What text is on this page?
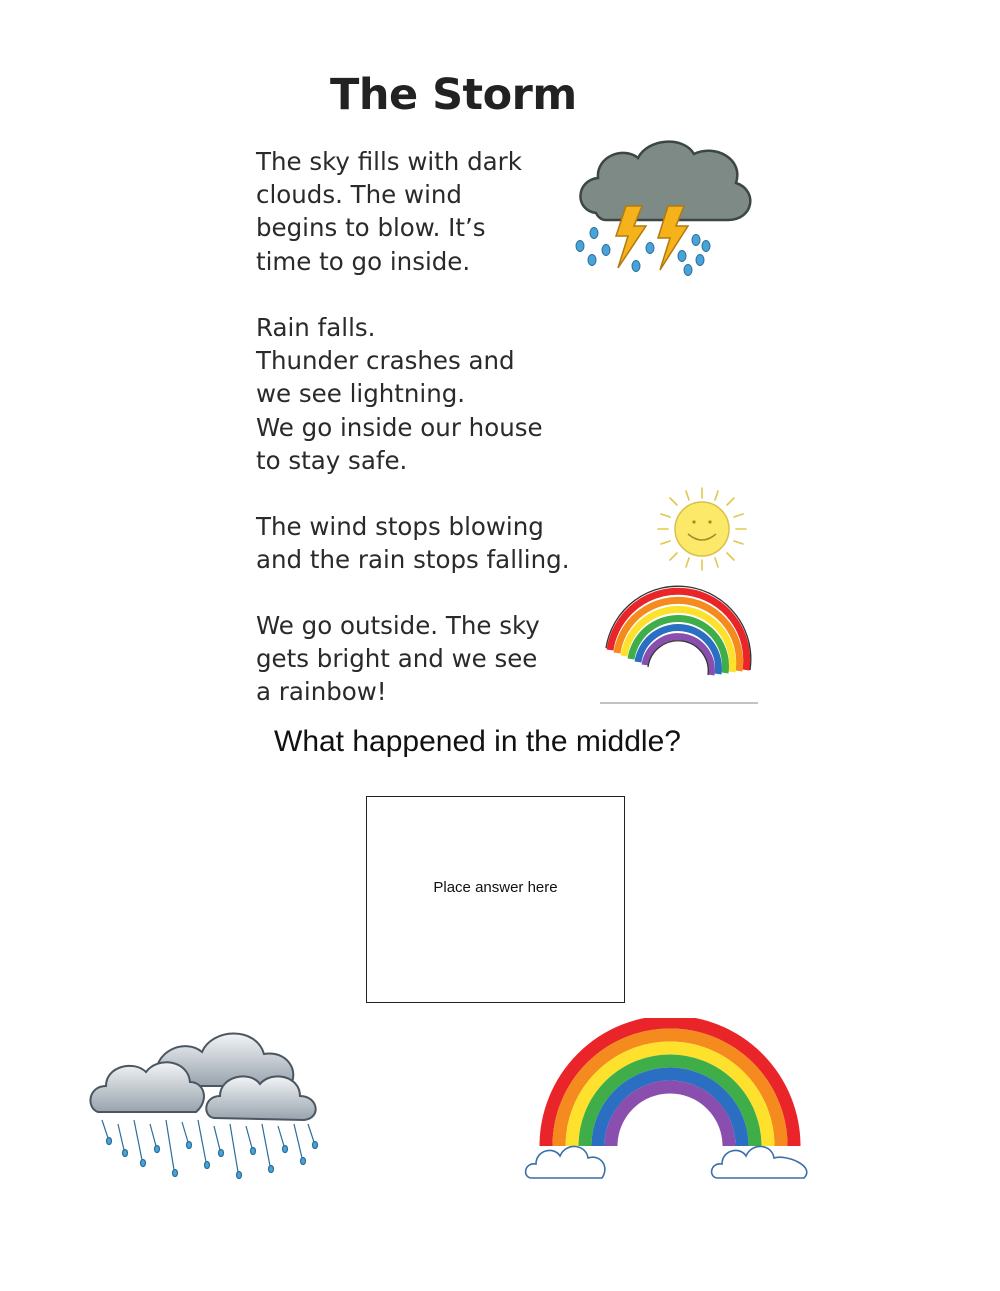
The Storm
The sky fills with dark
clouds. The wind
begins to blow. It’s
time to go inside.
Rain falls.
Thunder crashes and
we see lightning.
We go inside our house
to stay safe.
The wind stops blowing
and the rain stops falling.
We go outside. The sky
gets bright and we see
a rainbow!
What happened in the middle?
Place answer here
